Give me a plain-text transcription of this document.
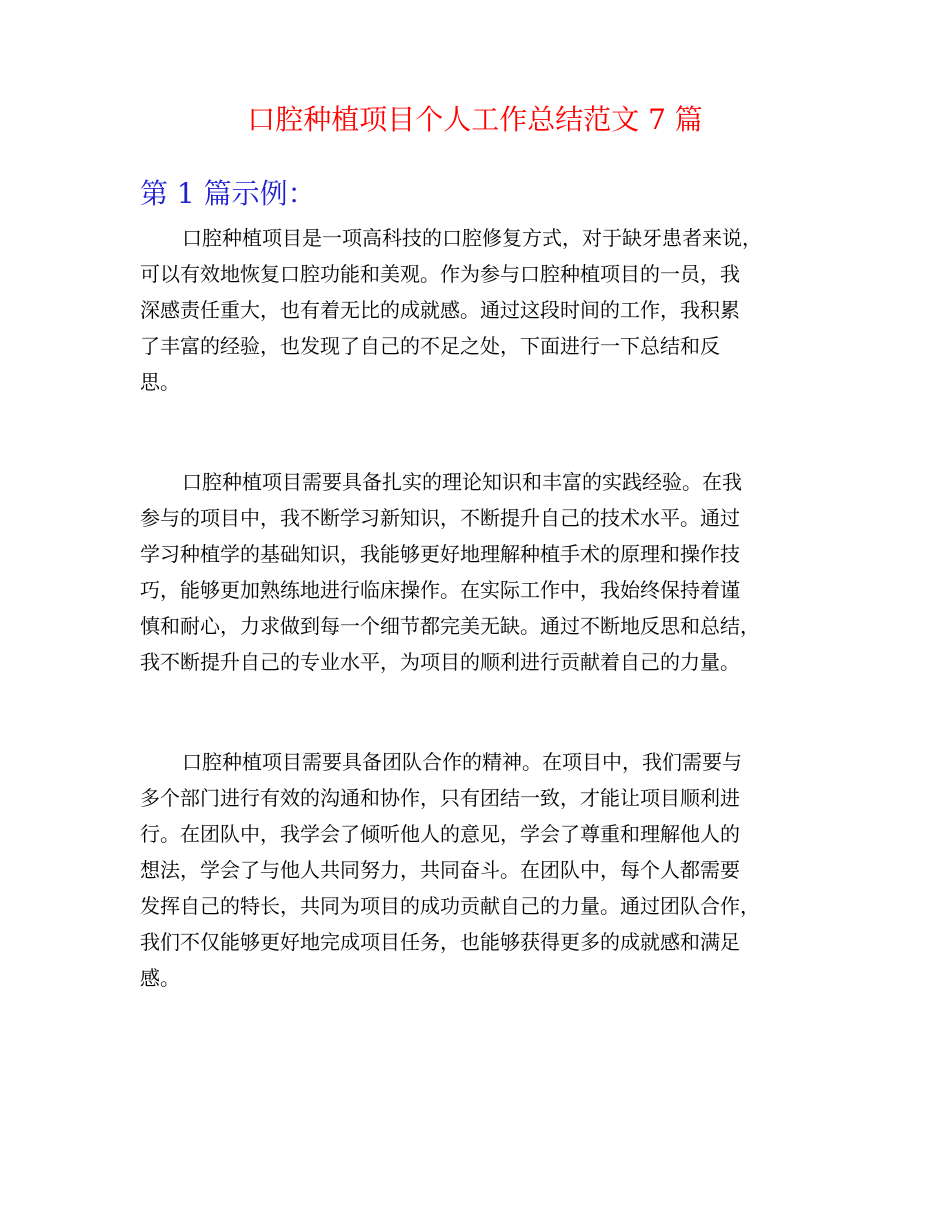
口腔种植项目个人工作总结范文 7 篇
第 1 篇示例：
口腔种植项目是一项高科技的口腔修复方式，对于缺牙患者来说，
可以有效地恢复口腔功能和美观。作为参与口腔种植项目的一员，我
深感责任重大，也有着无比的成就感。通过这段时间的工作，我积累
了丰富的经验，也发现了自己的不足之处，下面进行一下总结和反
思。
口腔种植项目需要具备扎实的理论知识和丰富的实践经验。在我
参与的项目中，我不断学习新知识，不断提升自己的技术水平。通过
学习种植学的基础知识，我能够更好地理解种植手术的原理和操作技
巧，能够更加熟练地进行临床操作。在实际工作中，我始终保持着谨
慎和耐心，力求做到每一个细节都完美无缺。通过不断地反思和总结，
我不断提升自己的专业水平，为项目的顺利进行贡献着自己的力量。
口腔种植项目需要具备团队合作的精神。在项目中，我们需要与
多个部门进行有效的沟通和协作，只有团结一致，才能让项目顺利进
行。在团队中，我学会了倾听他人的意见，学会了尊重和理解他人的
想法，学会了与他人共同努力，共同奋斗。在团队中，每个人都需要
发挥自己的特长，共同为项目的成功贡献自己的力量。通过团队合作，
我们不仅能够更好地完成项目任务，也能够获得更多的成就感和满足
感。
